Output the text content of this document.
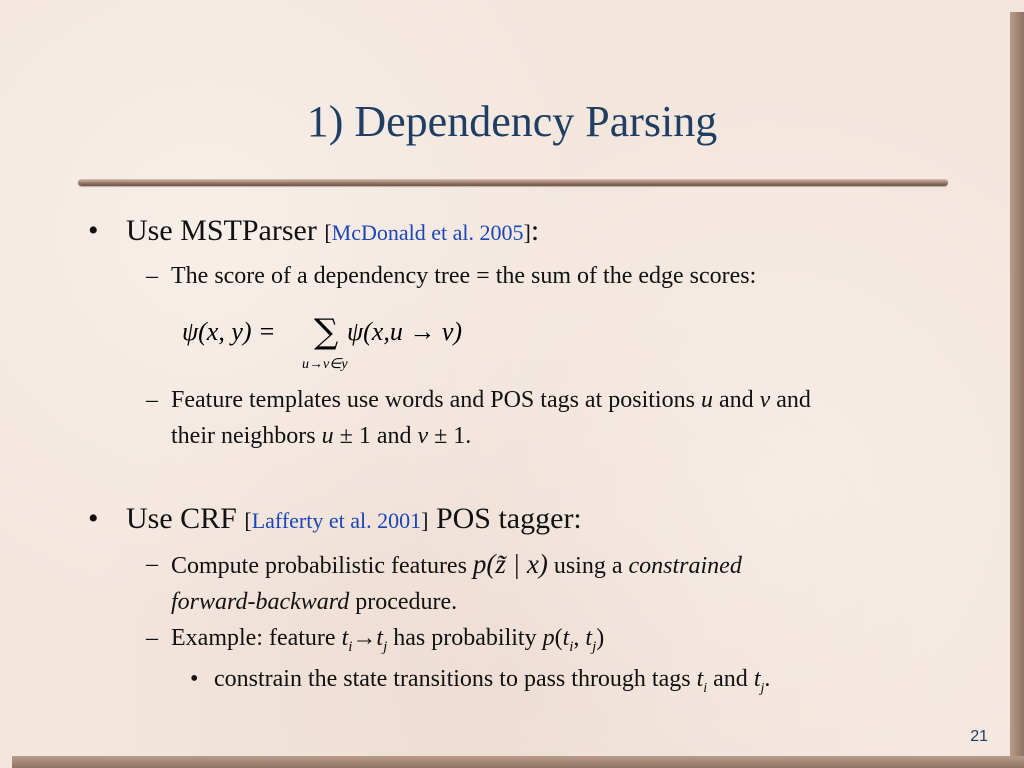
1) Dependency Parsing
• Use MSTParser [McDonald et al. 2005]:
– The score of a dependency tree = the sum of the edge scores:
ψ(x, y) = ∑ ψ(x,u → v)
u→v∈y
– Feature templates use words and POS tags at positions u and v and
their neighbors u ± 1 and v ± 1.
• Use CRF [Lafferty et al. 2001] POS tagger:
– Compute probabilistic features p(z̃ | x) using a constrained
forward-backward procedure.
– Example: feature $t_i\to t_j$ has probability $p(t_i$, $t_j$)
• constrain the state transitions to pass through tags $t_i$ and $t_j$.
21
